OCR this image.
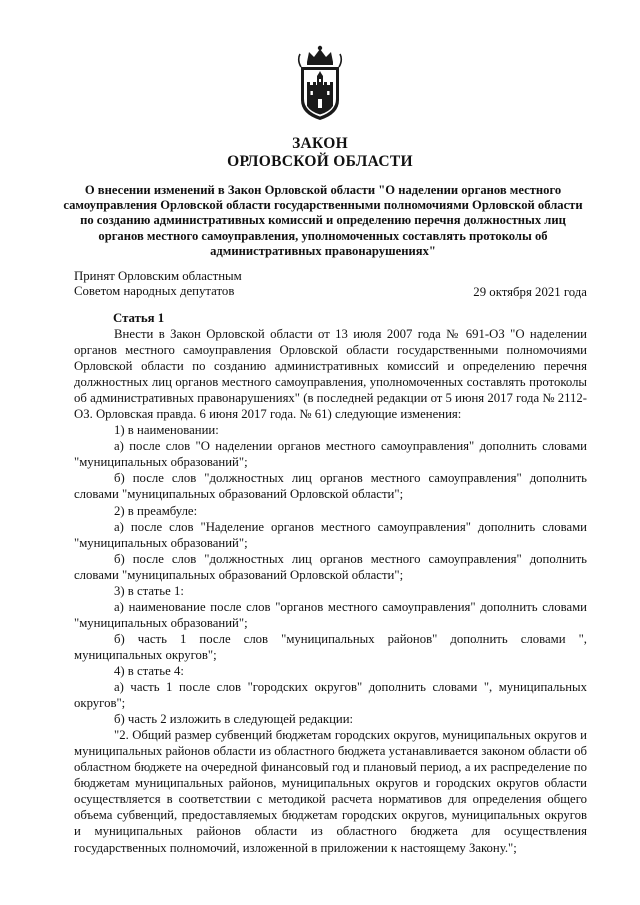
ЗАКОН
ОРЛОВСКОЙ ОБЛАСТИ
О внесении изменений в Закон Орловской области "О наделении органов местного самоуправления Орловской области государственными полномочиями Орловской области по созданию административных комиссий и определению перечня должностных лиц органов местного самоуправления, уполномоченных составлять протоколы об административных правонарушениях"
Принят Орловским областным
Советом народных депутатов	29 октября 2021 года
Статья 1

Внести в Закон Орловской области от 13 июля 2007 года № 691-ОЗ "О наделении органов местного самоуправления Орловской области государственными полномочиями Орловской области по созданию административных комиссий и определению перечня должностных лиц органов местного самоуправления, уполномоченных составлять протоколы об административных правонарушениях" (в последней редакции от 5 июня 2017 года № 2112-ОЗ. Орловская правда. 6 июня 2017 года. № 61) следующие изменения:

1) в наименовании:

а) после слов "О наделении органов местного самоуправления" дополнить словами "муниципальных образований";

б) после слов "должностных лиц органов местного самоуправления" дополнить словами "муниципальных образований Орловской области";

2) в преамбуле:

а) после слов "Наделение органов местного самоуправления" дополнить словами "муниципальных образований";

б) после слов "должностных лиц органов местного самоуправления" дополнить словами "муниципальных образований Орловской области";

3) в статье 1:

а) наименование после слов "органов местного самоуправления" дополнить словами "муниципальных образований";

б) часть 1 после слов "муниципальных районов" дополнить словами ", муниципальных округов";

4) в статье 4:

а) часть 1 после слов "городских округов" дополнить словами ", муниципальных округов";

б) часть 2 изложить в следующей редакции:

"2. Общий размер субвенций бюджетам городских округов, муниципальных округов и муниципальных районов области из областного бюджета устанавливается законом области об областном бюджете на очередной финансовый год и плановый период, а их распределение по бюджетам муниципальных районов, муниципальных округов и городских округов области осуществляется в соответствии с методикой расчета нормативов для определения общего объема субвенций, предоставляемых бюджетам городских округов, муниципальных округов и муниципальных районов области из областного бюджета для осуществления государственных полномочий, изложенной в приложении к настоящему Закону.";
